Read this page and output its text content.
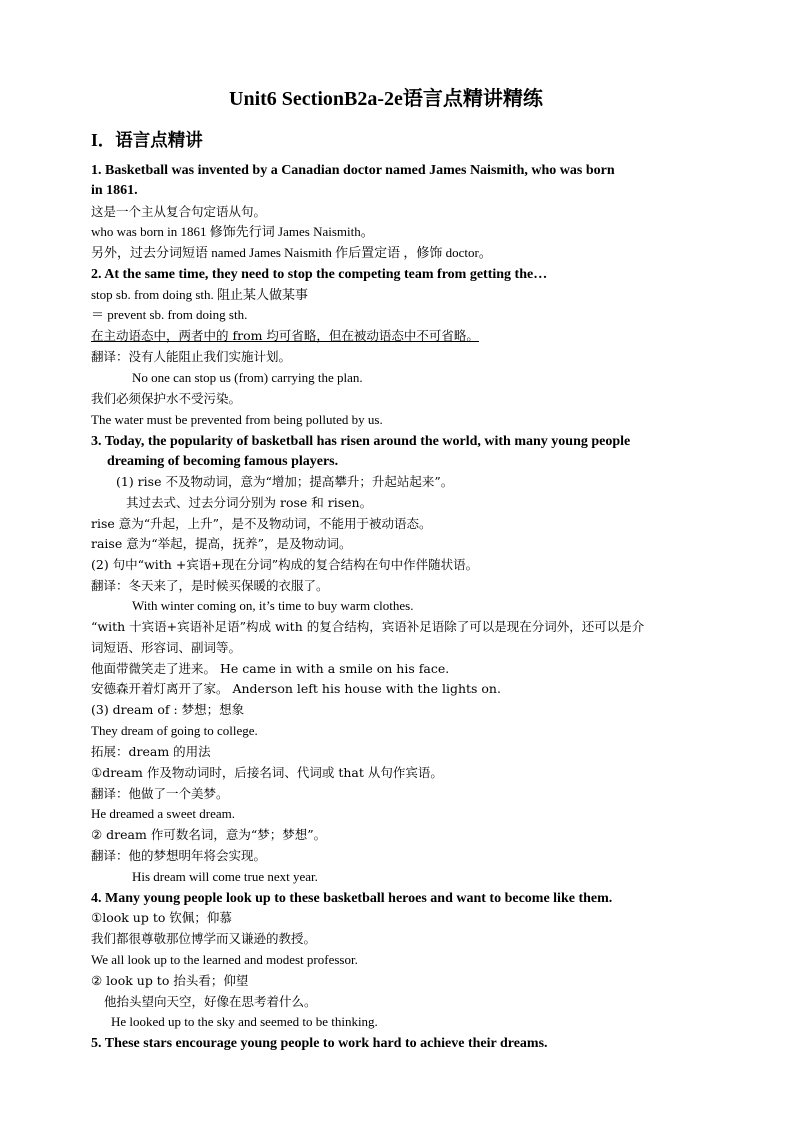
Unit6 SectionB2a-2e语言点精讲精练
I．语言点精讲
1. Basketball was invented by a Canadian doctor named James Naismith, who was born
in 1861.
这是一个主从复合句定语从句。
who was born in 1861 修饰先行词 James Naismith。
另外，过去分词短语 named James Naismith 作后置定语 ，修饰 doctor。
2. At the same time, they need to stop the competing team from getting the…
stop sb. from doing sth. 阻止某人做某事
＝ prevent sb. from doing sth.
在主动语态中，两者中的 from 均可省略，但在被动语态中不可省略。
翻译：没有人能阻止我们实施计划。
No one can stop us (from) carrying the plan.
我们必须保护水不受污染。
The water must be prevented from being polluted by us.
3. Today, the popularity of basketball has risen around the world, with many young people
dreaming of becoming famous players.
(1) rise 不及物动词，意为“增加；提高攀升；升起站起来”。
其过去式、过去分词分别为 rose 和 risen。
rise 意为“升起，上升”，是不及物动词，不能用于被动语态。
raise 意为“举起，提高，抚养”，是及物动词。
(2) 句中“with +宾语+现在分词”构成的复合结构在句中作伴随状语。
翻译：冬天来了，是时候买保暖的衣服了。
With winter coming on, it’s time to buy warm clothes.
“with 十宾语+宾语补足语”构成 with 的复合结构，宾语补足语除了可以是现在分词外，还可以是介
词短语、形容词、副词等。
他面带微笑走了进来。 He came in with a smile on his face.
安德森开着灯离开了家。 Anderson left his house with the lights on.
(3) dream of : 梦想；想象
They dream of going to college.
拓展：dream 的用法
①dream 作及物动词时，后接名词、代词或 that 从句作宾语。
翻译：他做了一个美梦。
He dreamed a sweet dream.
② dream 作可数名词，意为“梦；梦想”。
翻译：他的梦想明年将会实现。
His dream will come true next year.
4. Many young people look up to these basketball heroes and want to become like them.
①look up to 钦佩；仰慕
我们都很尊敬那位博学而又谦逊的教授。
We all look up to the learned and modest professor.
② look up to 抬头看；仰望
他抬头望向天空，好像在思考着什么。
He looked up to the sky and seemed to be thinking.
5. These stars encourage young people to work hard to achieve their dreams.
